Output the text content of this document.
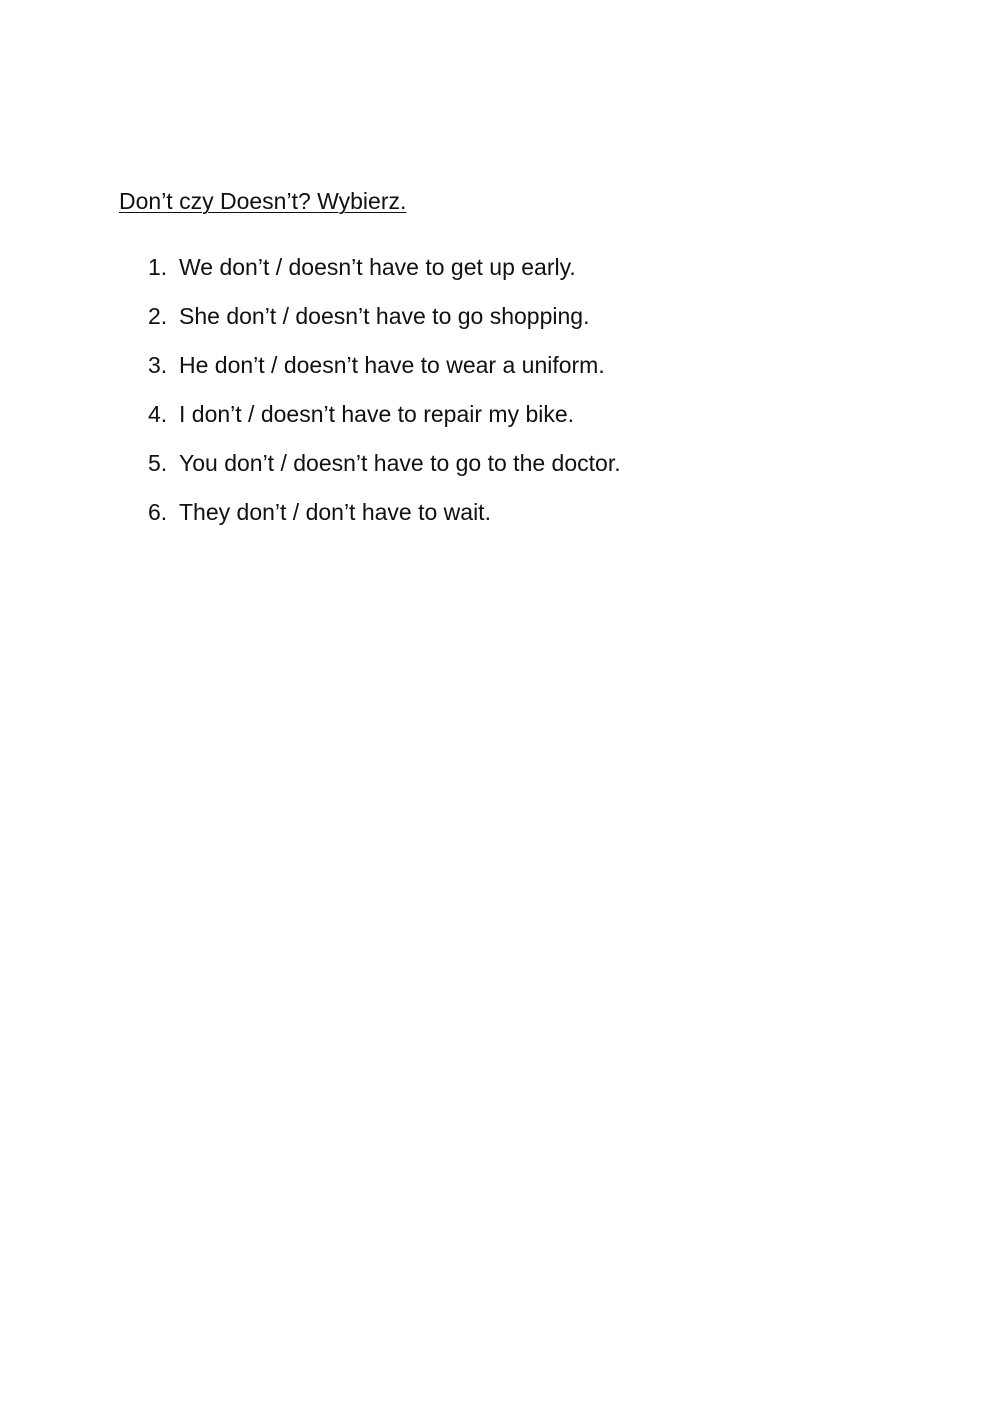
Don’t czy Doesn’t? Wybierz.
1. We don’t / doesn’t have to get up early.
2. She don’t / doesn’t have to go shopping.
3. He don’t / doesn’t have to wear a uniform.
4. I don’t / doesn’t have to repair my bike.
5. You don’t / doesn’t have to go to the doctor.
6. They don’t / don’t have to wait.
